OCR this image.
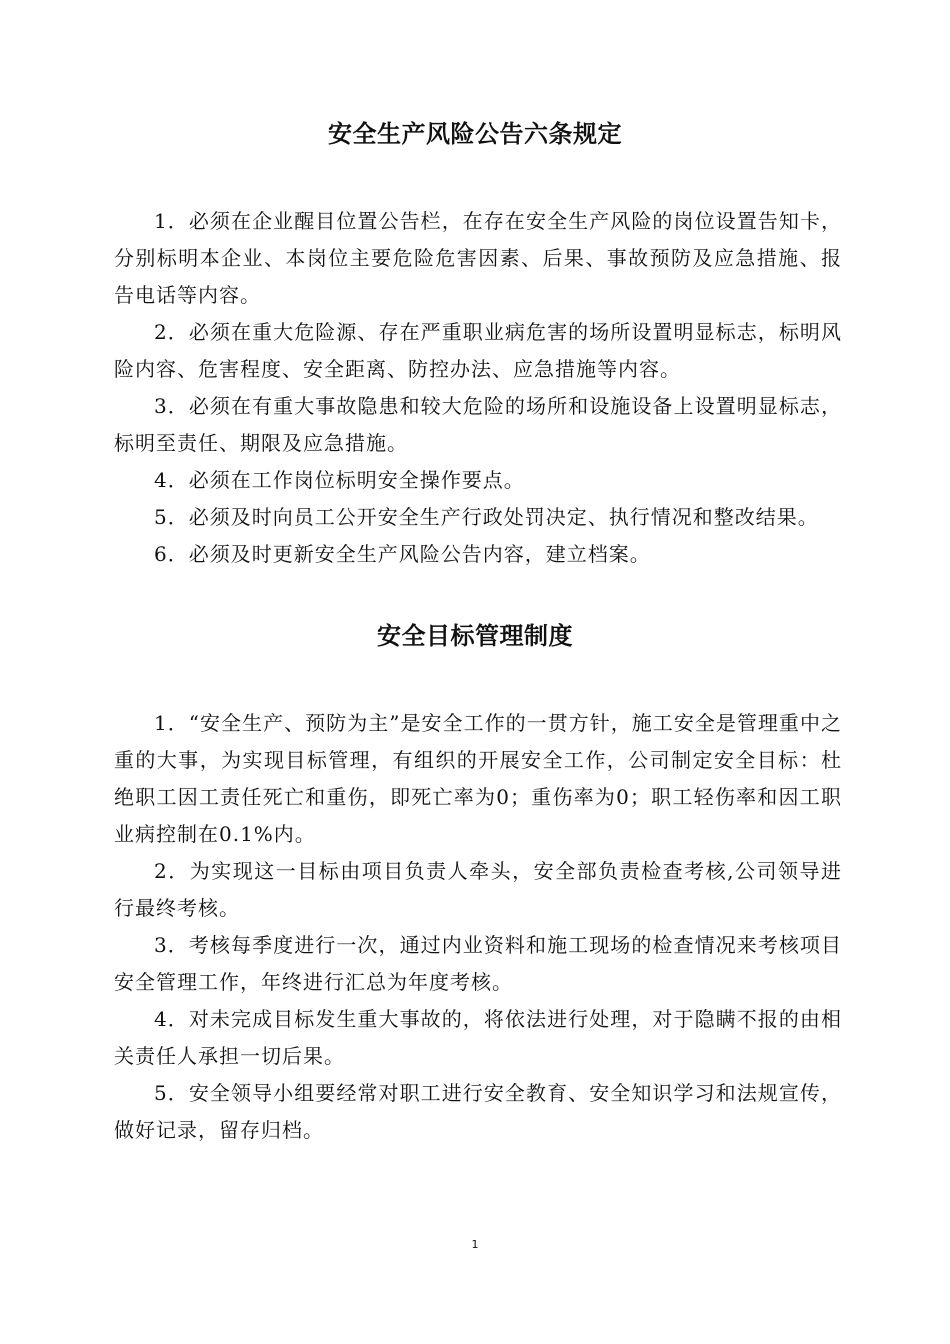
安全生产风险公告六条规定

1．必须在企业醒目位置公告栏，在存在安全生产风险的岗位设置告知卡，分别标明本企业、本岗位主要危险危害因素、后果、事故预防及应急措施、报告电话等内容。

2．必须在重大危险源、存在严重职业病危害的场所设置明显标志，标明风险内容、危害程度、安全距离、防控办法、应急措施等内容。

3．必须在有重大事故隐患和较大危险的场所和设施设备上设置明显标志，标明至责任、期限及应急措施。

4．必须在工作岗位标明安全操作要点。

5．必须及时向员工公开安全生产行政处罚决定、执行情况和整改结果。

6．必须及时更新安全生产风险公告内容，建立档案。

安全目标管理制度

1．“安全生产、预防为主”是安全工作的一贯方针，施工安全是管理重中之重的大事，为实现目标管理，有组织的开展安全工作，公司制定安全目标：杜绝职工因工责任死亡和重伤，即死亡率为0；重伤率为0；职工轻伤率和因工职业病控制在0.1%内。

2．为实现这一目标由项目负责人牵头，安全部负责检查考核,公司领导进行最终考核。

3．考核每季度进行一次，通过内业资料和施工现场的检查情况来考核项目安全管理工作，年终进行汇总为年度考核。

4．对未完成目标发生重大事故的，将依法进行处理，对于隐瞒不报的由相关责任人承担一切后果。

5．安全领导小组要经常对职工进行安全教育、安全知识学习和法规宣传，做好记录，留存归档。

1
